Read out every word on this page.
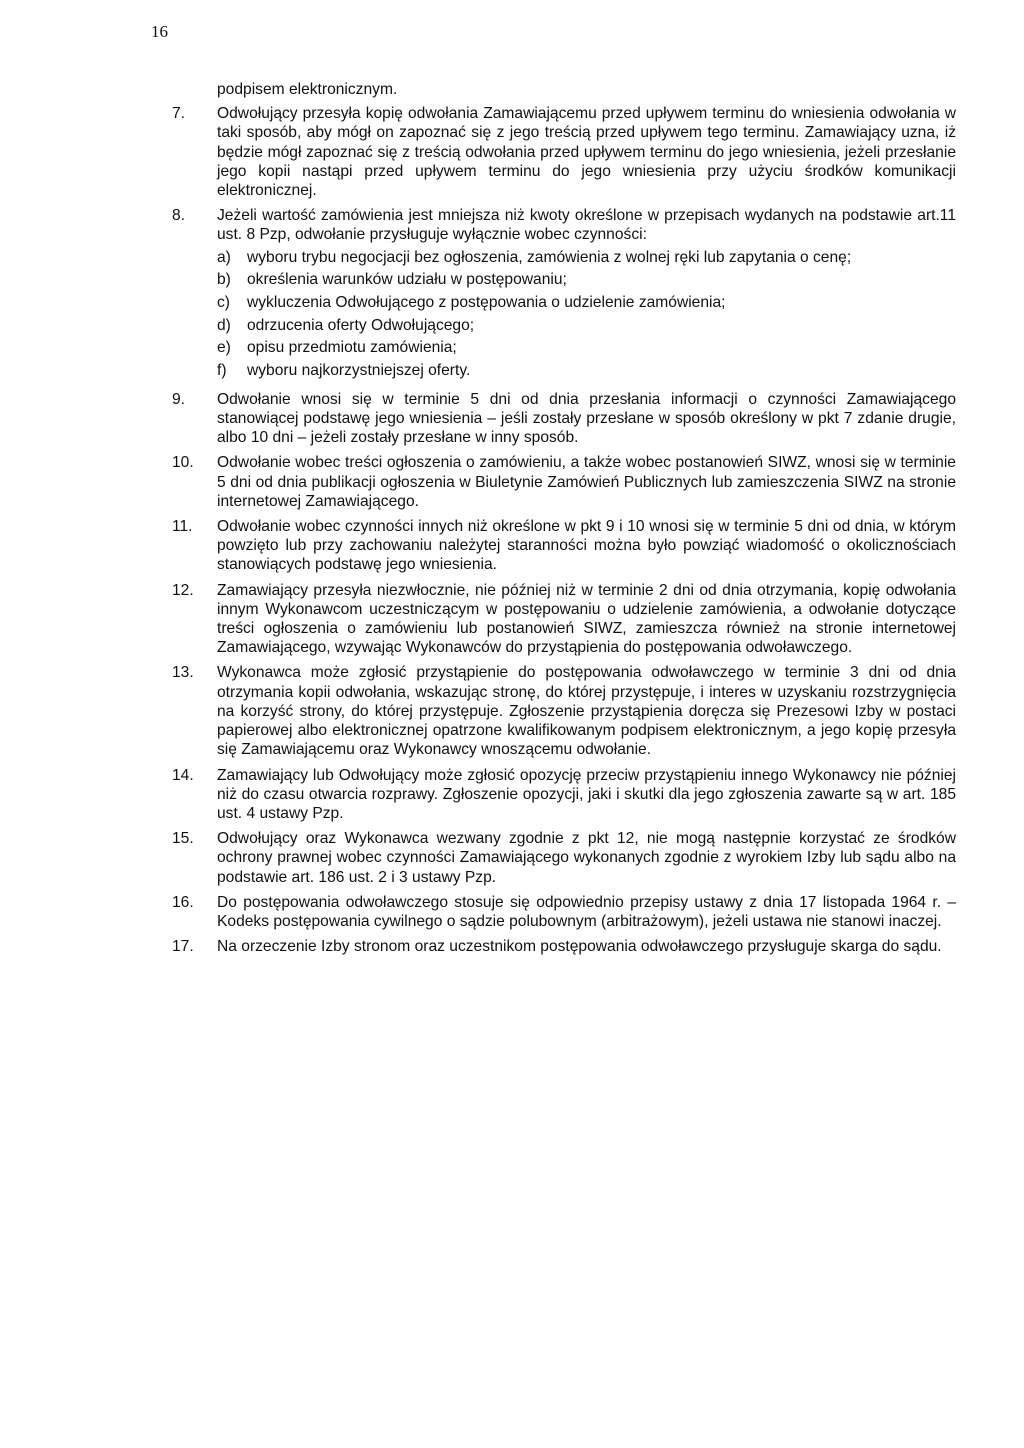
16

podpisem elektronicznym.

7.	Odwołujący przesyła kopię odwołania Zamawiającemu przed upływem terminu do wniesienia odwołania w taki sposób, aby mógł on zapoznać się z jego treścią przed upływem tego terminu. Zamawiający uzna, iż będzie mógł zapoznać się z treścią odwołania przed upływem terminu do jego wniesienia, jeżeli przesłanie jego kopii nastąpi przed upływem terminu do jego wniesienia przy użyciu środków komunikacji elektronicznej.
8.	Jeżeli wartość zamówienia jest mniejsza niż kwoty określone w przepisach wydanych na podstawie art.11 ust. 8 Pzp, odwołanie przysługuje wyłącznie wobec czynności:
a)	wyboru trybu negocjacji bez ogłoszenia, zamówienia z wolnej ręki lub zapytania o cenę;
b)	określenia warunków udziału w postępowaniu;
c)	wykluczenia Odwołującego z postępowania o udzielenie zamówienia;
d)	odrzucenia oferty Odwołującego;
e)	opisu przedmiotu zamówienia;
f)	wyboru najkorzystniejszej oferty.
9.	Odwołanie wnosi się w terminie 5 dni od dnia przesłania informacji o czynności Zamawiającego stanowiącej podstawę jego wniesienia – jeśli zostały przesłane w sposób określony w pkt 7 zdanie drugie, albo 10 dni – jeżeli zostały przesłane w inny sposób.
10.	Odwołanie wobec treści ogłoszenia o zamówieniu, a także wobec postanowień SIWZ, wnosi się w terminie 5 dni od dnia publikacji ogłoszenia w Biuletynie Zamówień Publicznych lub zamieszczenia SIWZ na stronie internetowej Zamawiającego.
11.	Odwołanie wobec czynności innych niż określone w pkt 9 i 10 wnosi się w terminie 5 dni od dnia, w którym powzięto lub przy zachowaniu należytej staranności można było powziąć wiadomość o okolicznościach stanowiących podstawę jego wniesienia.
12.	Zamawiający przesyła niezwłocznie, nie później niż w terminie 2 dni od dnia otrzymania, kopię odwołania innym Wykonawcom uczestniczącym w postępowaniu o udzielenie zamówienia, a odwołanie dotyczące treści ogłoszenia o zamówieniu lub postanowień SIWZ, zamieszcza również na stronie internetowej Zamawiającego, wzywając Wykonawców do przystąpienia do postępowania odwoławczego.
13.	Wykonawca może zgłosić przystąpienie do postępowania odwoławczego w terminie 3 dni od dnia otrzymania kopii odwołania, wskazując stronę, do której przystępuje, i interes w uzyskaniu rozstrzygnięcia na korzyść strony, do której przystępuje. Zgłoszenie przystąpienia doręcza się Prezesowi Izby w postaci papierowej albo elektronicznej opatrzone kwalifikowanym podpisem elektronicznym, a jego kopię przesyła się Zamawiającemu oraz Wykonawcy wnoszącemu odwołanie.
14.	Zamawiający lub Odwołujący może zgłosić opozycję przeciw przystąpieniu innego Wykonawcy nie później niż do czasu otwarcia rozprawy. Zgłoszenie opozycji, jaki i skutki dla jego zgłoszenia zawarte są w art. 185 ust. 4 ustawy Pzp.
15.	Odwołujący oraz Wykonawca wezwany zgodnie z pkt 12, nie mogą następnie korzystać ze środków ochrony prawnej wobec czynności Zamawiającego wykonanych zgodnie z wyrokiem Izby lub sądu albo na podstawie art. 186 ust. 2 i 3 ustawy Pzp.
16.	Do postępowania odwoławczego stosuje się odpowiednio przepisy ustawy z dnia 17 listopada 1964 r. – Kodeks postępowania cywilnego o sądzie polubownym (arbitrażowym), jeżeli ustawa nie stanowi inaczej.
17.	Na orzeczenie Izby stronom oraz uczestnikom postępowania odwoławczego przysługuje skarga do sądu.
